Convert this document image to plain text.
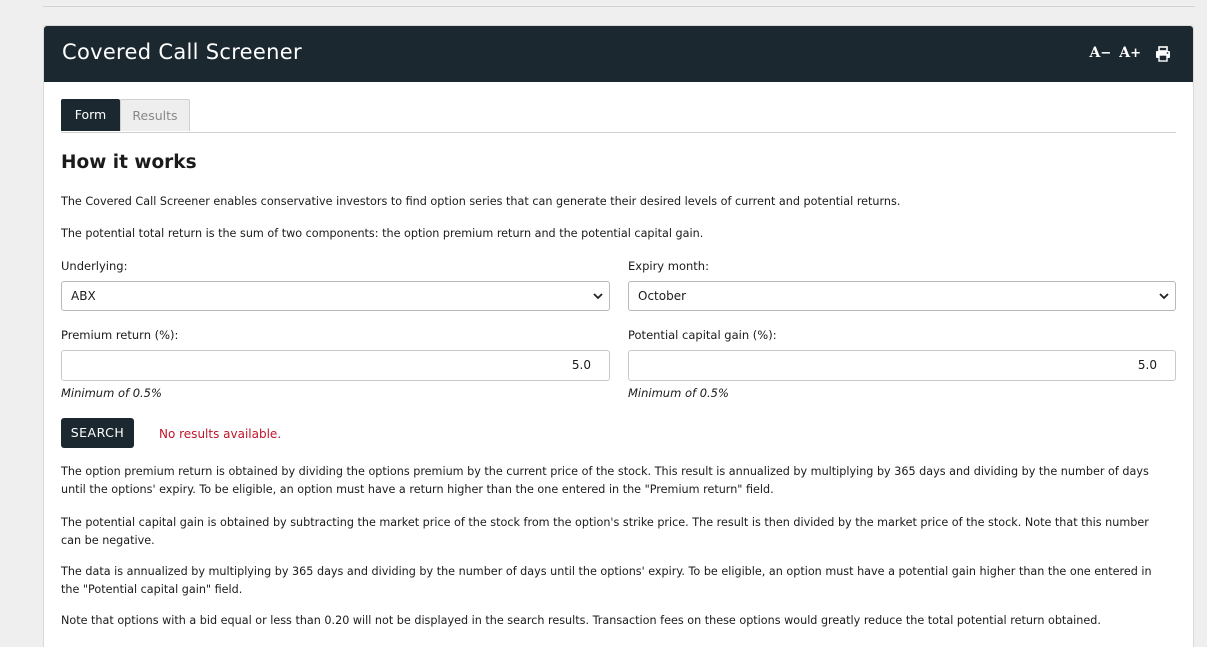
Covered Call Screener	A− A+
Form	Results
How it works

The Covered Call Screener enables conservative investors to find option series that can generate their desired levels of current and potential returns.

The potential total return is the sum of two components: the option premium return and the potential capital gain.

Underlying:
ABX
Expiry month:
October
Premium return (%):
5.0
Minimum of 0.5%
Potential capital gain (%):
5.0
Minimum of 0.5%
SEARCH	No results available.

The option premium return is obtained by dividing the options premium by the current price of the stock. This result is annualized by multiplying by 365 days and dividing by the number of days until the options' expiry. To be eligible, an option must have a return higher than the one entered in the "Premium return" field.

The potential capital gain is obtained by subtracting the market price of the stock from the option's strike price. The result is then divided by the market price of the stock. Note that this number can be negative.

The data is annualized by multiplying by 365 days and dividing by the number of days until the options' expiry. To be eligible, an option must have a potential gain higher than the one entered in the "Potential capital gain" field.

Note that options with a bid equal or less than 0.20 will not be displayed in the search results. Transaction fees on these options would greatly reduce the total potential return obtained.
